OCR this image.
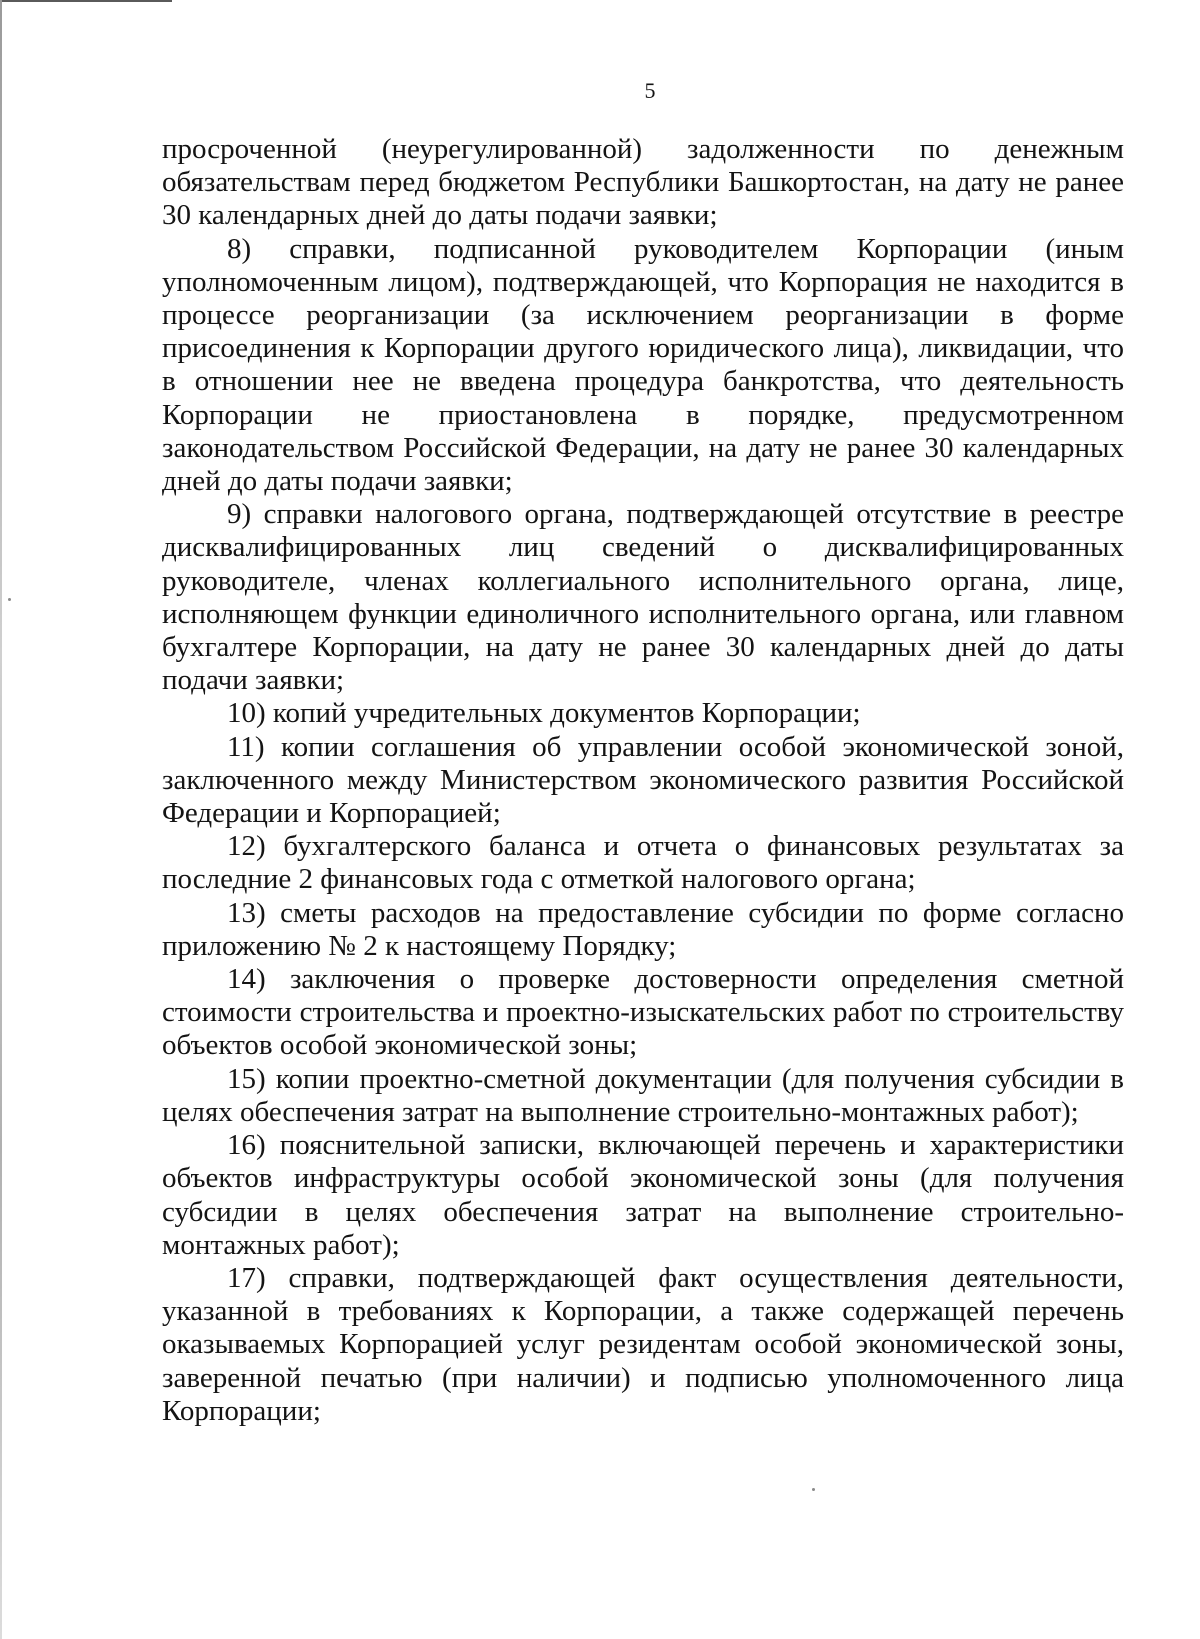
5

просроченной (неурегулированной) задолженности по денежным обязательствам перед бюджетом Республики Башкортостан, на дату не ранее 30 календарных дней до даты подачи заявки;

8) справки, подписанной руководителем Корпорации (иным уполномоченным лицом), подтверждающей, что Корпорация не находится в процессе реорганизации (за исключением реорганизации в форме присоединения к Корпорации другого юридического лица), ликвидации, что в отношении нее не введена процедура банкротства, что деятельность Корпорации не приостановлена в порядке, предусмотренном законодательством Российской Федерации, на дату не ранее 30 календарных дней до даты подачи заявки;

9) справки налогового органа, подтверждающей отсутствие в реестре дисквалифицированных лиц сведений о дисквалифицированных руководителе, членах коллегиального исполнительного органа, лице, исполняющем функции единоличного исполнительного органа, или главном бухгалтере Корпорации, на дату не ранее 30 календарных дней до даты подачи заявки;

10) копий учредительных документов Корпорации;

11) копии соглашения об управлении особой экономической зоной, заключенного между Министерством экономического развития Российской Федерации и Корпорацией;

12) бухгалтерского баланса и отчета о финансовых результатах за последние 2 финансовых года с отметкой налогового органа;

13) сметы расходов на предоставление субсидии по форме согласно приложению № 2 к настоящему Порядку;

14) заключения о проверке достоверности определения сметной стоимости строительства и проектно-изыскательских работ по строительству объектов особой экономической зоны;

15) копии проектно-сметной документации (для получения субсидии в целях обеспечения затрат на выполнение строительно-монтажных работ);

16) пояснительной записки, включающей перечень и характеристики объектов инфраструктуры особой экономической зоны (для получения субсидии в целях обеспечения затрат на выполнение строительно-монтажных работ);

17) справки, подтверждающей факт осуществления деятельности, указанной в требованиях к Корпорации, а также содержащей перечень оказываемых Корпорацией услуг резидентам особой экономической зоны, заверенной печатью (при наличии) и подписью уполномоченного лица Корпорации;
